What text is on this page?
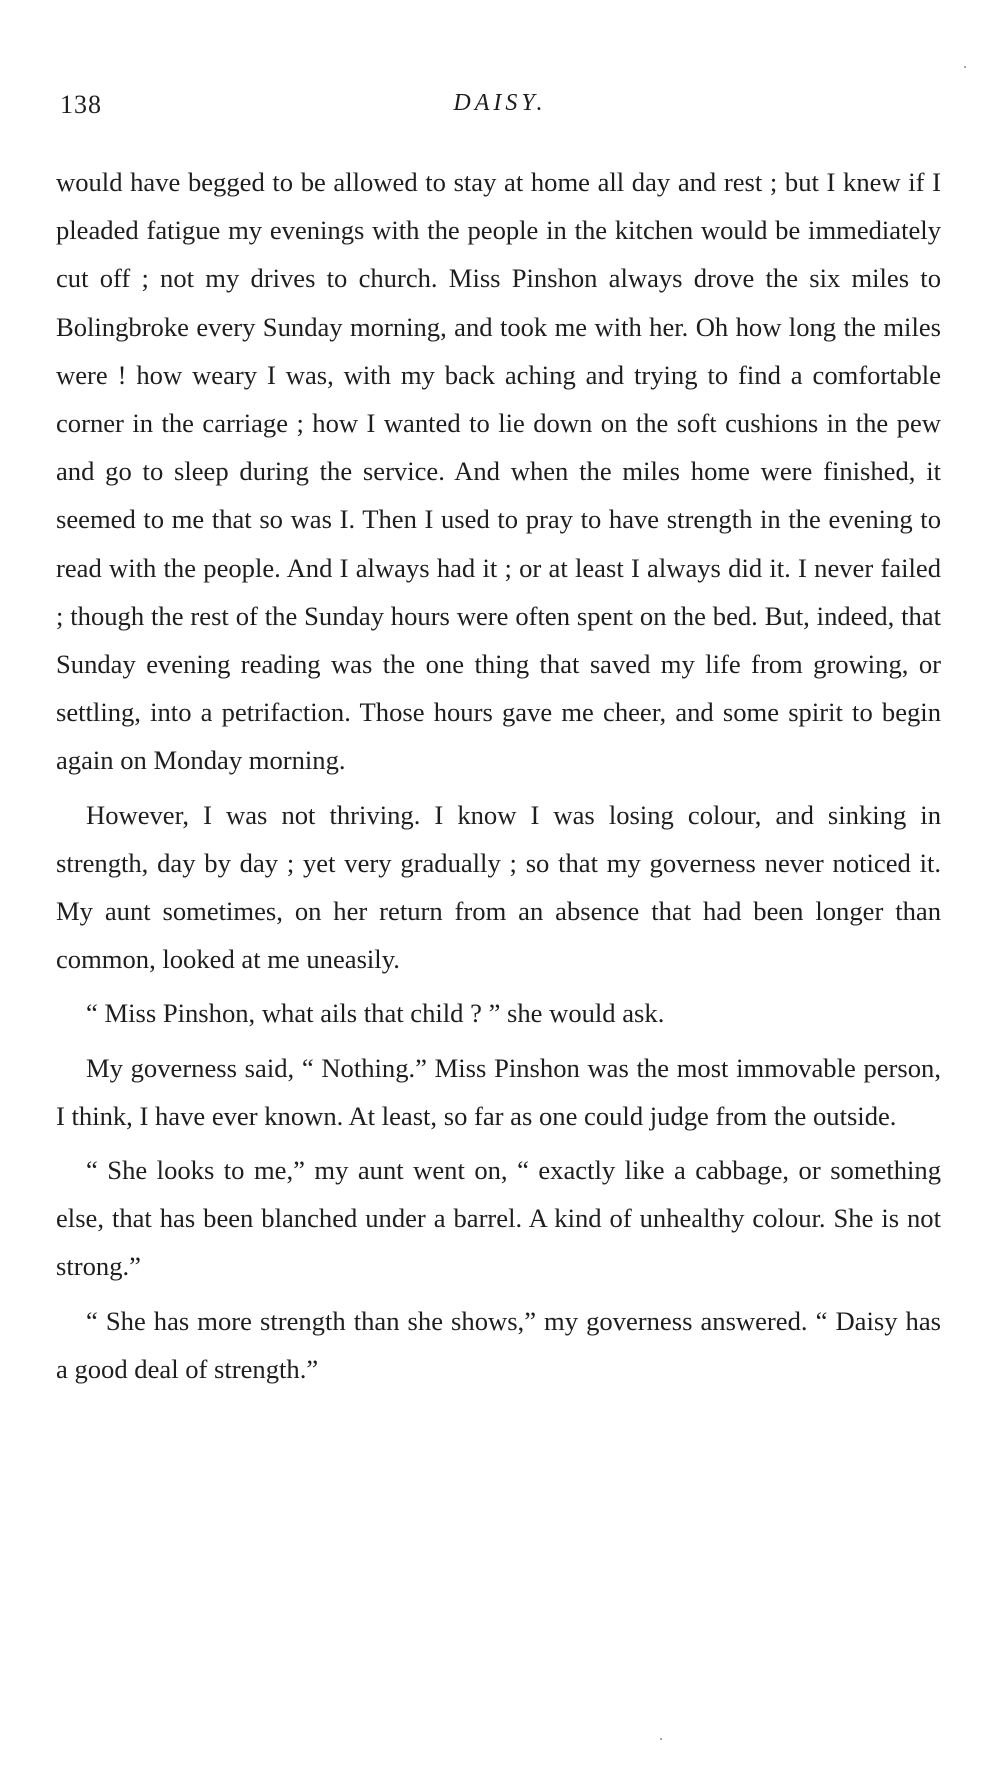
138	DAISY.

would have begged to be allowed to stay at home all day and rest ; but I knew if I pleaded fatigue my evenings with the people in the kitchen would be immediately cut off ; not my drives to church. Miss Pinshon always drove the six miles to Bolingbroke every Sunday morning, and took me with her. Oh how long the miles were ! how weary I was, with my back aching and trying to find a comfortable corner in the carriage ; how I wanted to lie down on the soft cushions in the pew and go to sleep during the service. And when the miles home were finished, it seemed to me that so was I. Then I used to pray to have strength in the evening to read with the people. And I always had it ; or at least I always did it. I never failed ; though the rest of the Sunday hours were often spent on the bed. But, indeed, that Sunday evening reading was the one thing that saved my life from growing, or settling, into a petrifaction. Those hours gave me cheer, and some spirit to begin again on Monday morning.

However, I was not thriving. I know I was losing colour, and sinking in strength, day by day ; yet very gradually ; so that my governess never noticed it. My aunt sometimes, on her return from an absence that had been longer than common, looked at me uneasily.

“ Miss Pinshon, what ails that child ? ” she would ask.

My governess said, “ Nothing.” Miss Pinshon was the most immovable person, I think, I have ever known. At least, so far as one could judge from the outside.

“ She looks to me,” my aunt went on, “ exactly like a cabbage, or something else, that has been blanched under a barrel. A kind of unhealthy colour. She is not strong.”

“ She has more strength than she shows,” my governess answered. “ Daisy has a good deal of strength.”
